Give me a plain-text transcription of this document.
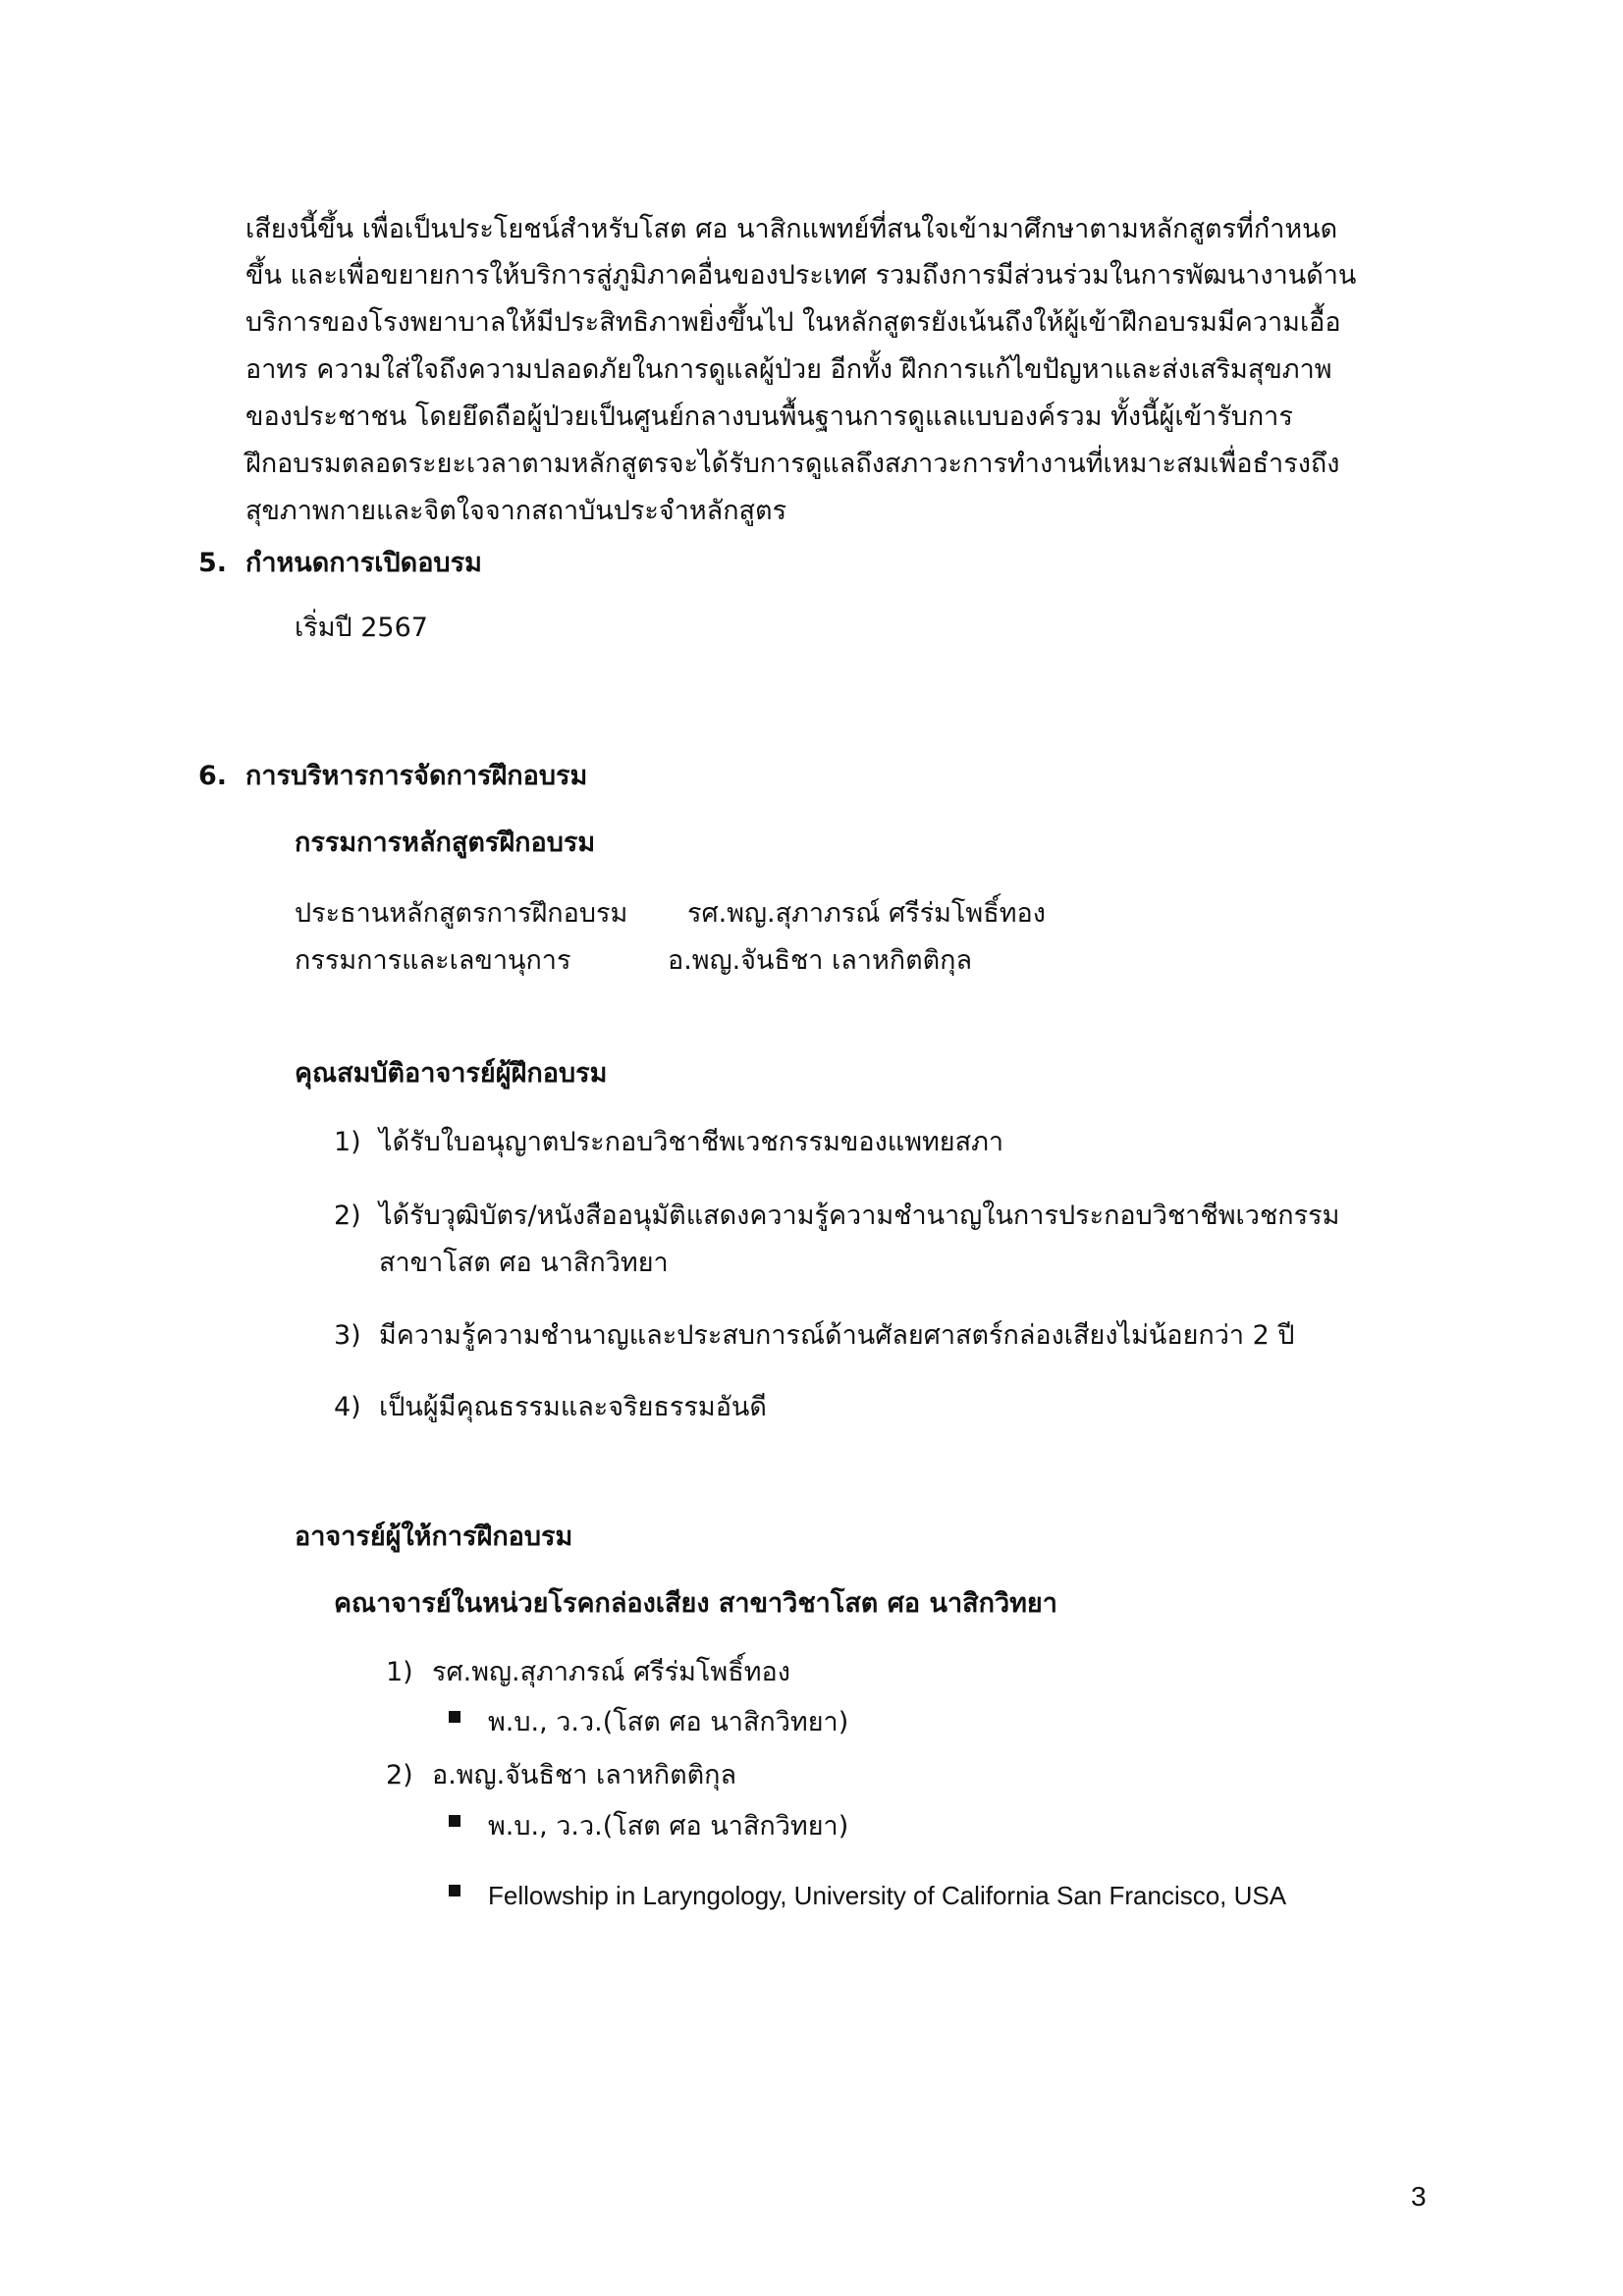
เสียงนี้ขึ้น เพื่อเป็นประโยชน์สำหรับโสต ศอ นาสิกแพทย์ที่สนใจเข้ามาศึกษาตามหลักสูตรที่กำหนด
ขึ้น และเพื่อขยายการให้บริการสู่ภูมิภาคอื่นของประเทศ รวมถึงการมีส่วนร่วมในการพัฒนางานด้าน
บริการของโรงพยาบาลให้มีประสิทธิภาพยิ่งขึ้นไป ในหลักสูตรยังเน้นถึงให้ผู้เข้าฝึกอบรมมีความเอื้อ
อาทร ความใส่ใจถึงความปลอดภัยในการดูแลผู้ป่วย อีกทั้ง ฝึกการแก้ไขปัญหาและส่งเสริมสุขภาพ
ของประชาชน โดยยึดถือผู้ป่วยเป็นศูนย์กลางบนพื้นฐานการดูแลแบบองค์รวม ทั้งนี้ผู้เข้ารับการ
ฝึกอบรมตลอดระยะเวลาตามหลักสูตรจะได้รับการดูแลถึงสภาวะการทำงานที่เหมาะสมเพื่อธำรงถึง
สุขภาพกายและจิตใจจากสถาบันประจำหลักสูตร
5. กำหนดการเปิดอบรม
เริ่มปี 2567
6. การบริหารการจัดการฝึกอบรม
กรรมการหลักสูตรฝึกอบรม
ประธานหลักสูตรการฝึกอบรม รศ.พญ.สุภาภรณ์ ศรีร่มโพธิ์ทอง
กรรมการและเลขานุการ	อ.พญ.จันธิชา เลาหกิตติกุล
คุณสมบัติอาจารย์ผู้ฝึกอบรม
1) ได้รับใบอนุญาตประกอบวิชาชีพเวชกรรมของแพทยสภา
2) ได้รับวุฒิบัตร/หนังสืออนุมัติแสดงความรู้ความชำนาญในการประกอบวิชาชีพเวชกรรม
สาขาโสต ศอ นาสิกวิทยา
3) มีความรู้ความชำนาญและประสบการณ์ด้านศัลยศาสตร์กล่องเสียงไม่น้อยกว่า 2 ปี
4) เป็นผู้มีคุณธรรมและจริยธรรมอันดี
อาจารย์ผู้ให้การฝึกอบรม
คณาจารย์ในหน่วยโรคกล่องเสียง สาขาวิชาโสต ศอ นาสิกวิทยา
1) รศ.พญ.สุภาภรณ์ ศรีร่มโพธิ์ทอง
พ.บ., ว.ว.(โสต ศอ นาสิกวิทยา)
2) อ.พญ.จันธิชา เลาหกิตติกุล
พ.บ., ว.ว.(โสต ศอ นาสิกวิทยา)
Fellowship in Laryngology, University of California San Francisco, USA
3
